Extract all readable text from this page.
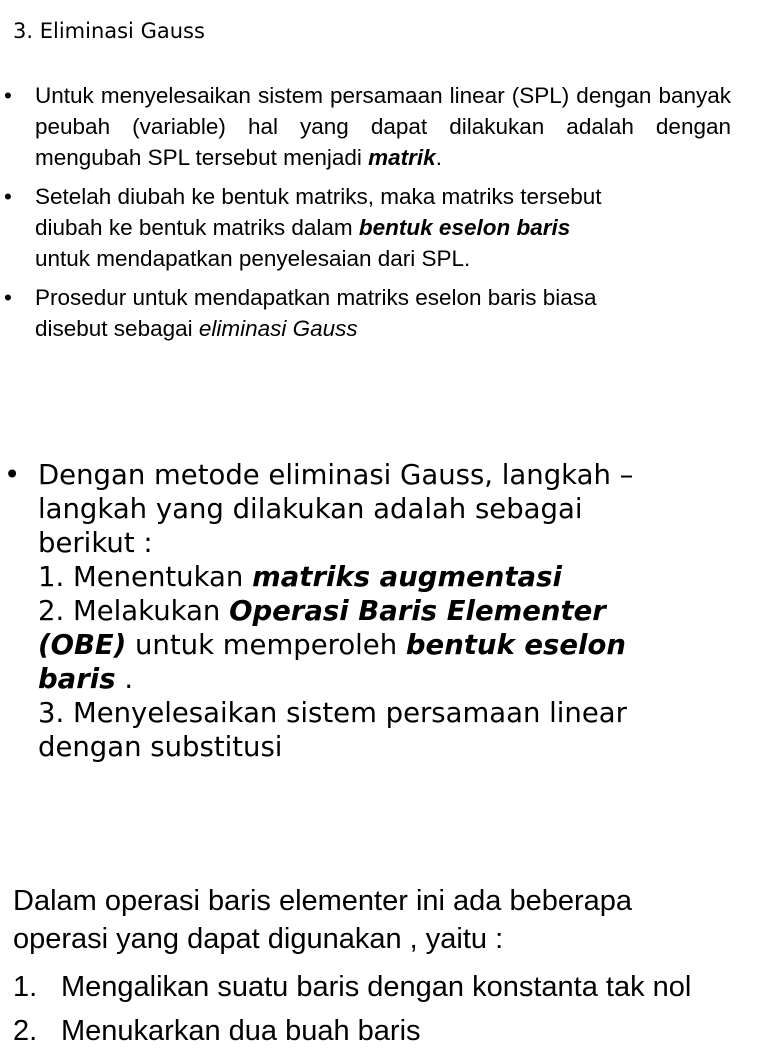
3. Eliminasi Gauss
• Untuk menyelesaikan sistem persamaan linear (SPL) dengan banyak peubah (variable) hal yang dapat dilakukan adalah dengan mengubah SPL tersebut menjadi matrik.
• Setelah diubah ke bentuk matriks, maka matriks tersebut
diubah ke bentuk matriks dalam bentuk eselon baris
untuk mendapatkan penyelesaian dari SPL.
• Prosedur untuk mendapatkan matriks eselon baris biasa
disebut sebagai eliminasi Gauss
• Dengan metode eliminasi Gauss, langkah –
langkah yang dilakukan adalah sebagai
berikut :
1. Menentukan matriks augmentasi
2. Melakukan Operasi Baris Elementer
(OBE) untuk memperoleh bentuk eselon
baris .
3. Menyelesaikan sistem persamaan linear
dengan substitusi
Dalam operasi baris elementer ini ada beberapa
operasi yang dapat digunakan , yaitu :
1. Mengalikan suatu baris dengan konstanta tak nol
2. Menukarkan dua buah baris
